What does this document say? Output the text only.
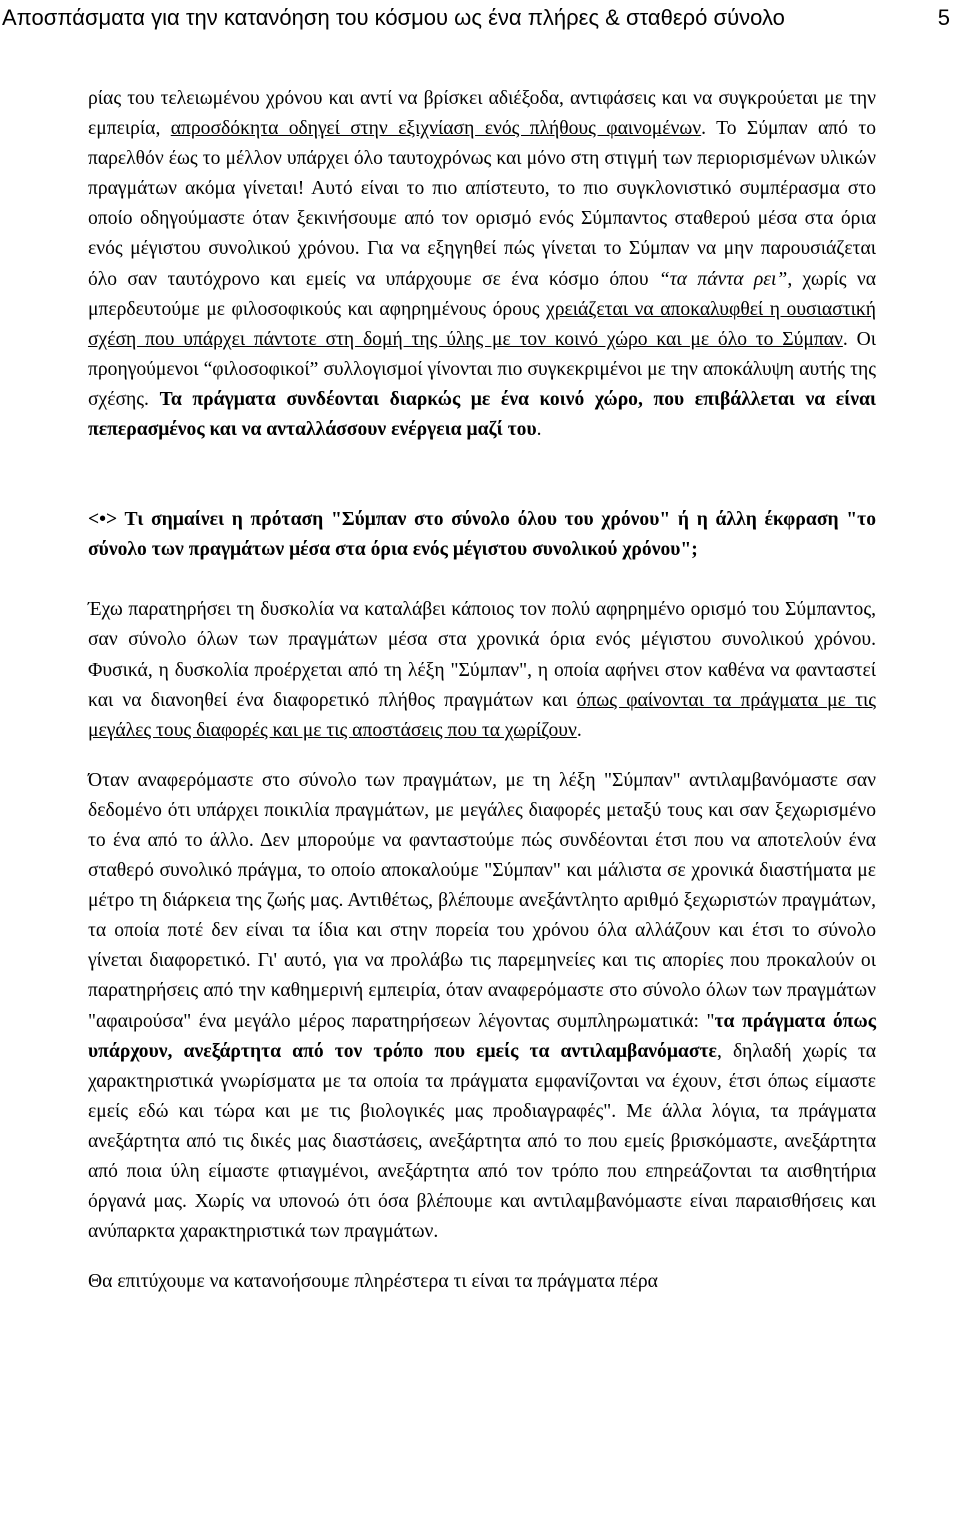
Αποσπάσματα για την κατανόηση του κόσμου ως ένα πλήρες & σταθερό σύνολο	5

ρίας του τελειωμένου χρόνου και αντί να βρίσκει αδιέξοδα, αντιφάσεις και να συγκρούεται με την εμπειρία, απροσδόκητα οδηγεί στην εξιχνίαση ενός πλήθους φαινομένων. Το Σύμπαν από το παρελθόν έως το μέλλον υπάρχει όλο ταυτοχρόνως και μόνο στη στιγμή των περιορισμένων υλικών πραγμάτων ακόμα γίνεται! Αυτό είναι το πιο απίστευτο, το πιο συγκλονιστικό συμπέρασμα στο οποίο οδηγούμαστε όταν ξεκινήσουμε από τον ορισμό ενός Σύμπαντος σταθερού μέσα στα όρια ενός μέγιστου συνολικού χρόνου. Για να εξηγηθεί πώς γίνεται το Σύμπαν να μην παρουσιάζεται όλο σαν ταυτόχρονο και εμείς να υπάρχουμε σε ένα κόσμο όπου “τα πάντα ρει”, χωρίς να μπερδευτούμε με φιλοσοφικούς και αφηρημένους όρους χρειάζεται να αποκαλυφθεί η ουσιαστική σχέση που υπάρχει πάντοτε στη δομή της ύλης με τον κοινό χώρο και με όλο το Σύμπαν. Οι προηγούμενοι “φιλοσοφικοί” συλλογισμοί γίνονται πιο συγκεκριμένοι με την αποκάλυψη αυτής της σχέσης. Τα πράγματα συνδέονται διαρκώς με ένα κοινό χώρο, που επιβάλλεται να είναι πεπερασμένος και να ανταλλάσσουν ενέργεια μαζί του.

<•> Τι σημαίνει η πρόταση "Σύμπαν στο σύνολο όλου του χρόνου" ή η άλλη έκφραση "το σύνολο των πραγμάτων μέσα στα όρια ενός μέγιστου συνολικού χρόνου";

Έχω παρατηρήσει τη δυσκολία να καταλάβει κάποιος τον πολύ αφηρημένο ορισμό του Σύμπαντος, σαν σύνολο όλων των πραγμάτων μέσα στα χρονικά όρια ενός μέγιστου συνολικού χρόνου. Φυσικά, η δυσκολία προέρχεται από τη λέξη "Σύμπαν", η οποία αφήνει στον καθένα να φανταστεί και να διανοηθεί ένα διαφορετικό πλήθος πραγμάτων και όπως φαίνονται τα πράγματα με τις μεγάλες τους διαφορές και με τις αποστάσεις που τα χωρίζουν.

Όταν αναφερόμαστε στο σύνολο των πραγμάτων, με τη λέξη "Σύμπαν" αντιλαμβανόμαστε σαν δεδομένο ότι υπάρχει ποικιλία πραγμάτων, με μεγάλες διαφορές μεταξύ τους και σαν ξεχωρισμένο το ένα από το άλλο. Δεν μπορούμε να φανταστούμε πώς συνδέονται έτσι που να αποτελούν ένα σταθερό συνολικό πράγμα, το οποίο αποκαλούμε "Σύμπαν" και μάλιστα σε χρονικά διαστήματα με μέτρο τη διάρκεια της ζωής μας. Αντιθέτως, βλέπουμε ανεξάντλητο αριθμό ξεχωριστών πραγμάτων, τα οποία ποτέ δεν είναι τα ίδια και στην πορεία του χρόνου όλα αλλάζουν και έτσι το σύνολο γίνεται διαφορετικό. Γι' αυτό, για να προλάβω τις παρεμηνείες και τις απορίες που προκαλούν οι παρατηρήσεις από την καθημερινή εμπειρία, όταν αναφερόμαστε στο σύνολο όλων των πραγμάτων "αφαιρούσα" ένα μεγάλο μέρος παρατηρήσεων λέγοντας συμπληρωματικά: "τα πράγματα όπως υπάρχουν, ανεξάρτητα από τον τρόπο που εμείς τα αντιλαμβανόμαστε, δηλαδή χωρίς τα χαρακτηριστικά γνωρίσματα με τα οποία τα πράγματα εμφανίζονται να έχουν, έτσι όπως είμαστε εμείς εδώ και τώρα και με τις βιολογικές μας προδιαγραφές". Με άλλα λόγια, τα πράγματα ανεξάρτητα από τις δικές μας διαστάσεις, ανεξάρτητα από το που εμείς βρισκόμαστε, ανεξάρτητα από ποια ύλη είμαστε φτιαγμένοι, ανεξάρτητα από τον τρόπο που επηρεάζονται τα αισθητήρια όργανά μας. Χωρίς να υπονοώ ότι όσα βλέπουμε και αντιλαμβανόμαστε είναι παραισθήσεις και ανύπαρκτα χαρακτηριστικά των πραγμάτων.

Θα επιτύχουμε να κατανοήσουμε πληρέστερα τι είναι τα πράγματα πέρα
